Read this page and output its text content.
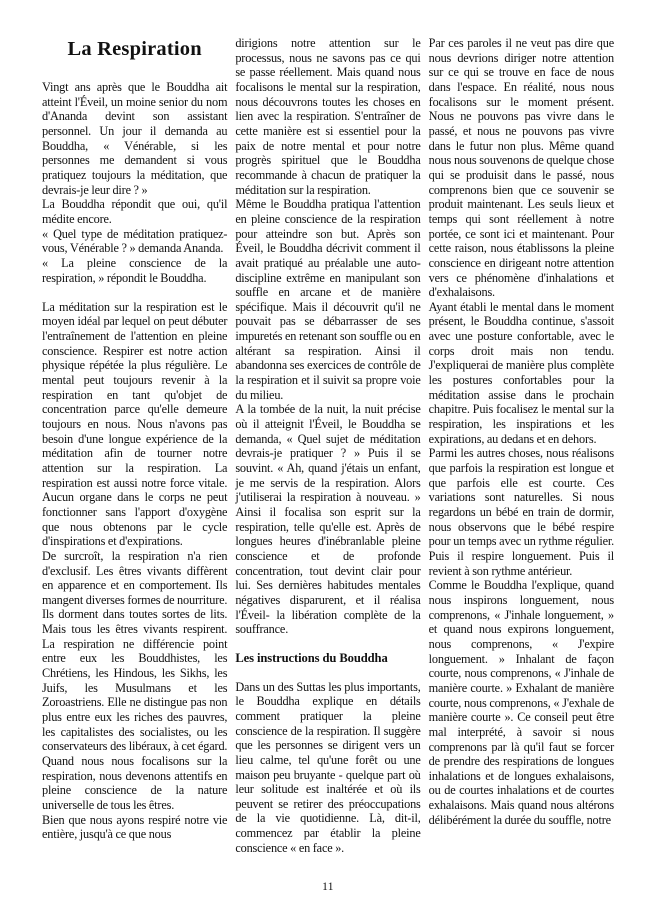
La Respiration

Vingt ans après que le Bouddha ait atteint l'Éveil, un moine senior du nom d'Ananda devint son assistant personnel. Un jour il demanda au Bouddha, « Vénérable, si les personnes me demandent si vous pratiquez toujours la méditation, que devrais-je leur dire ? »

La Bouddha répondit que oui, qu'il médite encore.

« Quel type de méditation pratiquez-vous, Vénérable ? » demanda Ananda.

« La pleine conscience de la respiration, » répondit le Bouddha.

La méditation sur la respiration est le moyen idéal par lequel on peut débuter l'entraînement de l'attention en pleine conscience. Respirer est notre action physique répétée la plus régulière. Le mental peut toujours revenir à la respiration en tant qu'objet de concentration parce qu'elle demeure toujours en nous. Nous n'avons pas besoin d'une longue expérience de la méditation afin de tourner notre attention sur la respiration. La respiration est aussi notre force vitale. Aucun organe dans le corps ne peut fonctionner sans l'apport d'oxygène que nous obtenons par le cycle d'inspirations et d'expirations.

De surcroît, la respiration n'a rien d'exclusif. Les êtres vivants diffèrent en apparence et en comportement. Ils mangent diverses formes de nourriture. Ils dorment dans toutes sortes de lits. Mais tous les êtres vivants respirent. La respiration ne différencie point entre eux les Bouddhistes, les Chrétiens, les Hindous, les Sikhs, les Juifs, les Musulmans et les Zoroastriens. Elle ne distingue pas non plus entre eux les riches des pauvres, les capitalistes des socialistes, ou les conservateurs des libéraux, à cet égard. Quand nous nous focalisons sur la respiration, nous devenons attentifs en pleine conscience de la nature universelle de tous les êtres.

Bien que nous ayons respiré notre vie entière, jusqu'à ce que nous

dirigions notre attention sur le processus, nous ne savons pas ce qui se passe réellement. Mais quand nous focalisons le mental sur la respiration, nous découvrons toutes les choses en lien avec la respiration. S'entraîner de cette manière est si essentiel pour la paix de notre mental et pour notre progrès spirituel que le Bouddha recommande à chacun de pratiquer la méditation sur la respiration.

Même le Bouddha pratiqua l'attention en pleine conscience de la respiration pour atteindre son but. Après son Éveil, le Bouddha décrivit comment il avait pratiqué au préalable une auto-discipline extrême en manipulant son souffle en arcane et de manière spécifique. Mais il découvrit qu'il ne pouvait pas se débarrasser de ses impuretés en retenant son souffle ou en altérant sa respiration. Ainsi il abandonna ses exercices de contrôle de la respiration et il suivit sa propre voie du milieu.

A la tombée de la nuit, la nuit précise où il atteignit l'Éveil, le Bouddha se demanda, « Quel sujet de méditation devrais-je pratiquer ? » Puis il se souvint. « Ah, quand j'étais un enfant, je me servis de la respiration. Alors j'utiliserai la respiration à nouveau. » Ainsi il focalisa son esprit sur la respiration, telle qu'elle est. Après de longues heures d'inébranlable pleine conscience et de profonde concentration, tout devint clair pour lui. Ses dernières habitudes mentales négatives disparurent, et il réalisa l'Éveil- la libération complète de la souffrance.

Les instructions du Bouddha

Dans un des Suttas les plus importants, le Bouddha explique en détails comment pratiquer la pleine conscience de la respiration. Il suggère que les personnes se dirigent vers un lieu calme, tel qu'une forêt ou une maison peu bruyante - quelque part où leur solitude est inaltérée et où ils peuvent se retirer des préoccupations de la vie quotidienne. Là, dit-il, commencez par établir la pleine conscience « en face ».

Par ces paroles il ne veut pas dire que nous devrions diriger notre attention sur ce qui se trouve en face de nous dans l'espace. En réalité, nous nous focalisons sur le moment présent. Nous ne pouvons pas vivre dans le passé, et nous ne pouvons pas vivre dans le futur non plus. Même quand nous nous souvenons de quelque chose qui se produisit dans le passé, nous comprenons bien que ce souvenir se produit maintenant. Les seuls lieux et temps qui sont réellement à notre portée, ce sont ici et maintenant. Pour cette raison, nous établissons la pleine conscience en dirigeant notre attention vers ce phénomène d'inhalations et d'exhalaisons.

Ayant établi le mental dans le moment présent, le Bouddha continue, s'assoit avec une posture confortable, avec le corps droit mais non tendu. J'expliquerai de manière plus complète les postures confortables pour la méditation assise dans le prochain chapitre. Puis focalisez le mental sur la respiration, les inspirations et les expirations, au dedans et en dehors.

Parmi les autres choses, nous réalisons que parfois la respiration est longue et que parfois elle est courte. Ces variations sont naturelles. Si nous regardons un bébé en train de dormir, nous observons que le bébé respire pour un temps avec un rythme régulier. Puis il respire longuement. Puis il revient à son rythme antérieur.

Comme le Bouddha l'explique, quand nous inspirons longuement, nous comprenons, « J'inhale longuement, » et quand nous expirons longuement, nous comprenons, « J'expire longuement. » Inhalant de façon courte, nous comprenons, « J'inhale de manière courte. » Exhalant de manière courte, nous comprenons, « J'exhale de manière courte ». Ce conseil peut être mal interprété, à savoir si nous comprenons par là qu'il faut se forcer de prendre des respirations de longues inhalations et de longues exhalaisons, ou de courtes inhalations et de courtes exhalaisons. Mais quand nous altérons délibérément la durée du souffle, notre

11
